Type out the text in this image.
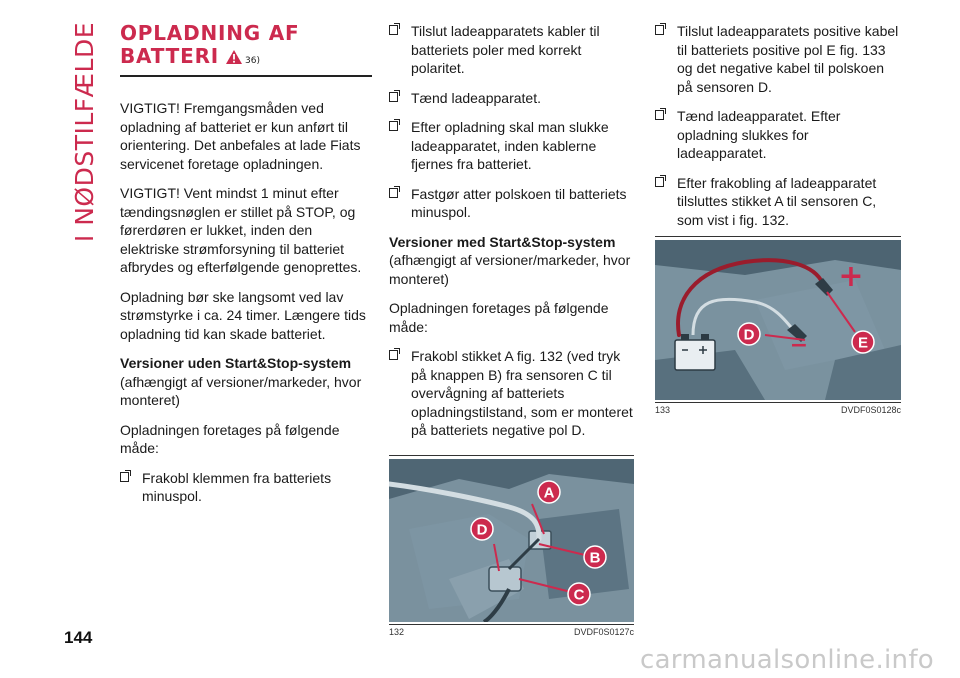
I NØDSTILFÆLDE OPLADNING AF
BATTERI	36)

VIGTIGT! Fremgangsmåden ved opladning af batteriet er kun anført til orientering. Det anbefales at lade Fiats servicenet foretage opladningen.

VIGTIGT! Vent mindst 1 minut efter tændingsnøglen er stillet på STOP, og førerdøren er lukket, inden den elektriske strømforsyning til batteriet afbrydes og efterfølgende genoprettes.

Opladning bør ske langsomt ved lav strømstyrke i ca. 24 timer. Længere tids opladning tid kan skade batteriet.

Versioner uden Start&Stop-system

(afhængigt af versioner/markeder, hvor monteret)

Opladningen foretages på følgende måde:

Frakobl klemmen fra batteriets minuspol.

Tilslut ladeapparatets kabler til batteriets poler med korrekt polaritet.

Tænd ladeapparatet.

Efter opladning skal man slukke ladeapparatet, inden kablerne fjernes fra batteriet.

Fastgør atter polskoen til batteriets minuspol.

Versioner med Start&Stop-system

(afhængigt af versioner/markeder, hvor monteret)

Opladningen foretages på følgende måde:

Frakobl stikket A fig. 132 (ved tryk på knappen B) fra sensoren C til overvågning af batteriets opladningstilstand, som er monteret på batteriets negative pol D.

Tilslut ladeapparatets positive kabel til batteriets positive pol E fig. 133 og det negative kabel til polskoen på sensoren D.

Tænd ladeapparatet. Efter opladning slukkes for ladeapparatet.

Efter frakobling af ladeapparatet tilsluttes stikket A til sensoren C, som vist i fig. 132.

A
D
B
C
132	DVDF0S0127c
+
−
D	E
133	DVDF0S0128c
144
carmanualsonline.info
